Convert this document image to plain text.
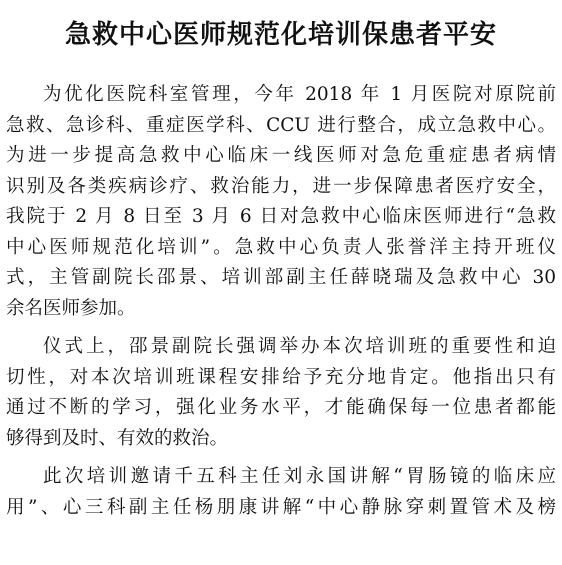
急救中心医师规范化培训保患者平安
为优化医院科室管理，今年 2018 年 1 月医院对原院前
急救、急诊科、重症医学科、CCU 进行整合，成立急救中心。
为进一步提高急救中心临床一线医师对急危重症患者病情
识别及各类疾病诊疗、救治能力，进一步保障患者医疗安全，
我院于 2 月 8 日至 3 月 6 日对急救中心临床医师进行“急救
中心医师规范化培训”。急救中心负责人张誉洋主持开班仪
式，主管副院长邵景、培训部副主任薛晓瑞及急救中心 30
余名医师参加。
仪式上，邵景副院长强调举办本次培训班的重要性和迫
切性，对本次培训班课程安排给予充分地肯定。他指出只有
通过不断的学习，强化业务水平，才能确保每一位患者都能
够得到及时、有效的救治。
此次培训邀请千五科主任刘永国讲解“胃肠镜的临床应
用”、心三科副主任杨朋康讲解“中心静脉穿刺置管术及榜
